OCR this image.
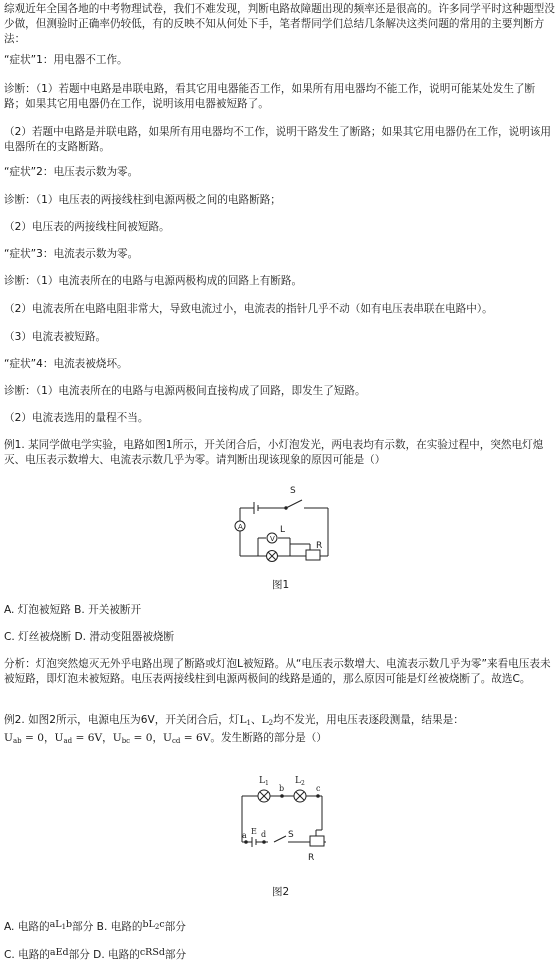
综观近年全国各地的中考物理试卷，我们不难发现，判断电路故障题出现的频率还是很高的。许多同学平时这种题型没少做，但测验时正确率仍较低，有的反映不知从何处下手，笔者帮同学们总结几条解决这类问题的常用的主要判断方法：

“症状”1：用电器不工作。

诊断：（1）若题中电路是串联电路，看其它用电器能否工作，如果所有用电器均不能工作，说明可能某处发生了断路；如果其它用电器仍在工作，说明该用电器被短路了。

（2）若题中电路是并联电路，如果所有用电器均不工作，说明干路发生了断路；如果其它用电器仍在工作，说明该用电器所在的支路断路。

“症状”2：电压表示数为零。

诊断：（1）电压表的两接线柱到电源两极之间的电路断路；

（2）电压表的两接线柱间被短路。

“症状”3：电流表示数为零。

诊断：（1）电流表所在的电路与电源两极构成的回路上有断路。

（2）电流表所在电路电阻非常大，导致电流过小，电流表的指针几乎不动（如有电压表串联在电路中）。

（3）电流表被短路。

“症状”4：电流表被烧坏。

诊断：（1）电流表所在的电路与电源两极间直接构成了回路，即发生了短路。

（2）电流表选用的量程不当。

例1. 某同学做电学实验，电路如图1所示，开关闭合后，小灯泡发光，两电表均有示数，在实验过程中，突然电灯熄灭、电压表示数增大、电流表示数几乎为零。请判断出现该现象的原因可能是（）

A
V
S
L
R
图1

A. 灯泡被短路 B. 开关被断开

C. 灯丝被烧断 D. 滑动变阻器被烧断

分析：灯泡突然熄灭无外乎电路出现了断路或灯泡L被短路。从“电压表示数增大、电流表示数几乎为零”来看电压表未被短路，即灯泡未被短路。电压表两接线柱到电源两极间的线路是通的，那么原因可能是灯丝被烧断了。故选C。

例2. 如图2所示，电源电压为6V，开关闭合后，灯$L_1$、$L_2$均不发光，用电压表逐段测量，结果是：
$U_{ab} = 0$，$U_{ad} = 6V$，$U_{bc} = 0$，$U_{cd} = 6V$。发生断路的部分是（）
$L_1$	$L_2$
b	c
a E d S
R
图2
A. 电路的$aL_1b$部分 B. 电路的$bL_2c$部分
C. 电路的aEd部分 D. 电路的cRSd部分
